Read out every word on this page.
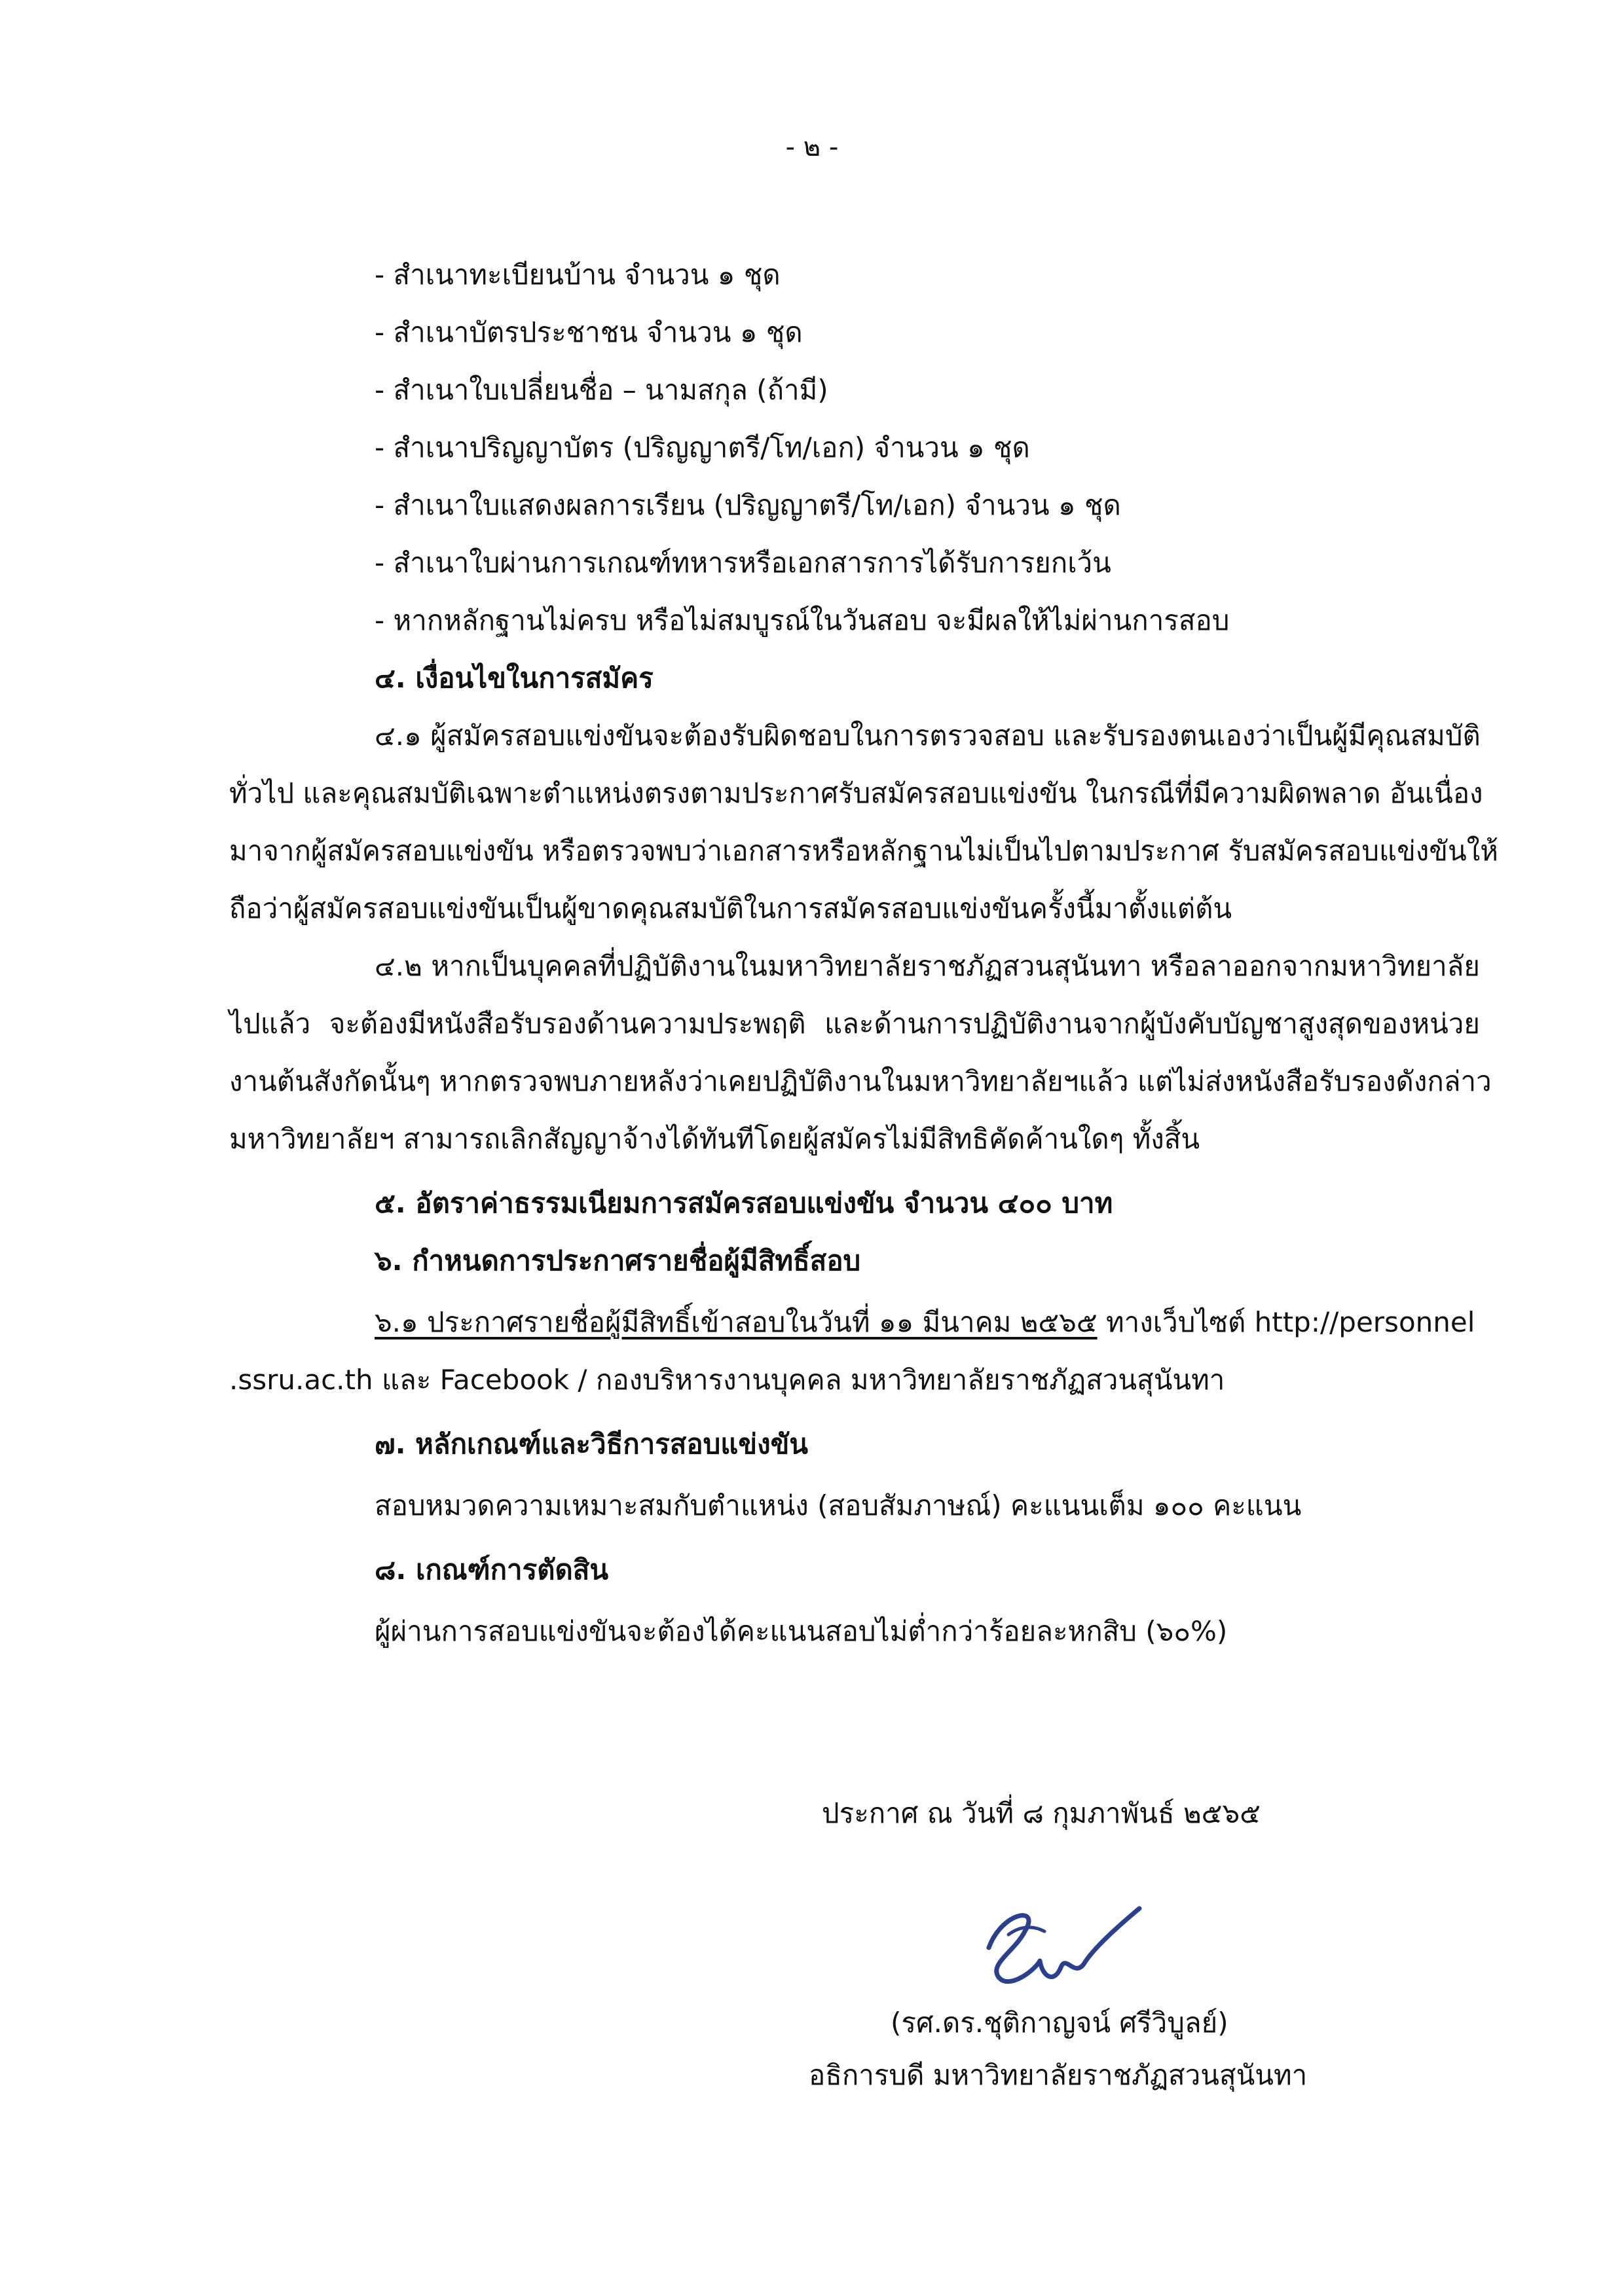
- ๒ -
- สำเนาทะเบียนบ้าน จำนวน ๑ ชุด
- สำเนาบัตรประชาชน จำนวน ๑ ชุด
- สำเนาใบเปลี่ยนชื่อ – นามสกุล (ถ้ามี)
- สำเนาปริญญาบัตร (ปริญญาตรี/โท/เอก) จำนวน ๑ ชุด
- สำเนาใบแสดงผลการเรียน (ปริญญาตรี/โท/เอก) จำนวน ๑ ชุด
- สำเนาใบผ่านการเกณฑ์ทหารหรือเอกสารการได้รับการยกเว้น
- หากหลักฐานไม่ครบ หรือไม่สมบูรณ์ในวันสอบ จะมีผลให้ไม่ผ่านการสอบ
๔. เงื่อนไขในการสมัคร
๔.๑ ผู้สมัครสอบแข่งขันจะต้องรับผิดชอบในการตรวจสอบ และรับรองตนเองว่าเป็นผู้มีคุณสมบัติ
ทั่วไป และคุณสมบัติเฉพาะตำแหน่งตรงตามประกาศรับสมัครสอบแข่งขัน ในกรณีที่มีความผิดพลาด อันเนื่อง
มาจากผู้สมัครสอบแข่งขัน หรือตรวจพบว่าเอกสารหรือหลักฐานไม่เป็นไปตามประกาศ รับสมัครสอบแข่งขันให้
ถือว่าผู้สมัครสอบแข่งขันเป็นผู้ขาดคุณสมบัติในการสมัครสอบแข่งขันครั้งนี้มาตั้งแต่ต้น
๔.๒ หากเป็นบุคคลที่ปฏิบัติงานในมหาวิทยาลัยราชภัฏสวนสุนันทา หรือลาออกจากมหาวิทยาลัย
ไปแล้ว จะต้องมีหนังสือรับรองด้านความประพฤติ และด้านการปฏิบัติงานจากผู้บังคับบัญชาสูงสุดของหน่วย
งานต้นสังกัดนั้นๆ หากตรวจพบภายหลังว่าเคยปฏิบัติงานในมหาวิทยาลัยฯแล้ว แต่ไม่ส่งหนังสือรับรองดังกล่าว
มหาวิทยาลัยฯ สามารถเลิกสัญญาจ้างได้ทันทีโดยผู้สมัครไม่มีสิทธิคัดค้านใดๆ ทั้งสิ้น
๕. อัตราค่าธรรมเนียมการสมัครสอบแข่งขัน จำนวน ๔๐๐ บาท
๖. กำหนดการประกาศรายชื่อผู้มีสิทธิ์สอบ
๖.๑ ประกาศรายชื่อผู้มีสิทธิ์เข้าสอบในวันที่ ๑๑ มีนาคม ๒๕๖๕ ทางเว็บไซต์ http://personnel
.ssru.ac.th และ Facebook / กองบริหารงานบุคคล มหาวิทยาลัยราชภัฏสวนสุนันทา
๗. หลักเกณฑ์และวิธีการสอบแข่งขัน
สอบหมวดความเหมาะสมกับตำแหน่ง (สอบสัมภาษณ์) คะแนนเต็ม ๑๐๐ คะแนน
๘. เกณฑ์การตัดสิน
ผู้ผ่านการสอบแข่งขันจะต้องได้คะแนนสอบไม่ต่ำกว่าร้อยละหกสิบ (๖๐%)
ประกาศ ณ วันที่ ๘ กุมภาพันธ์ ๒๕๖๕
(รศ.ดร.ชุติกาญจน์ ศรีวิบูลย์)
อธิการบดี มหาวิทยาลัยราชภัฏสวนสุนันทา
